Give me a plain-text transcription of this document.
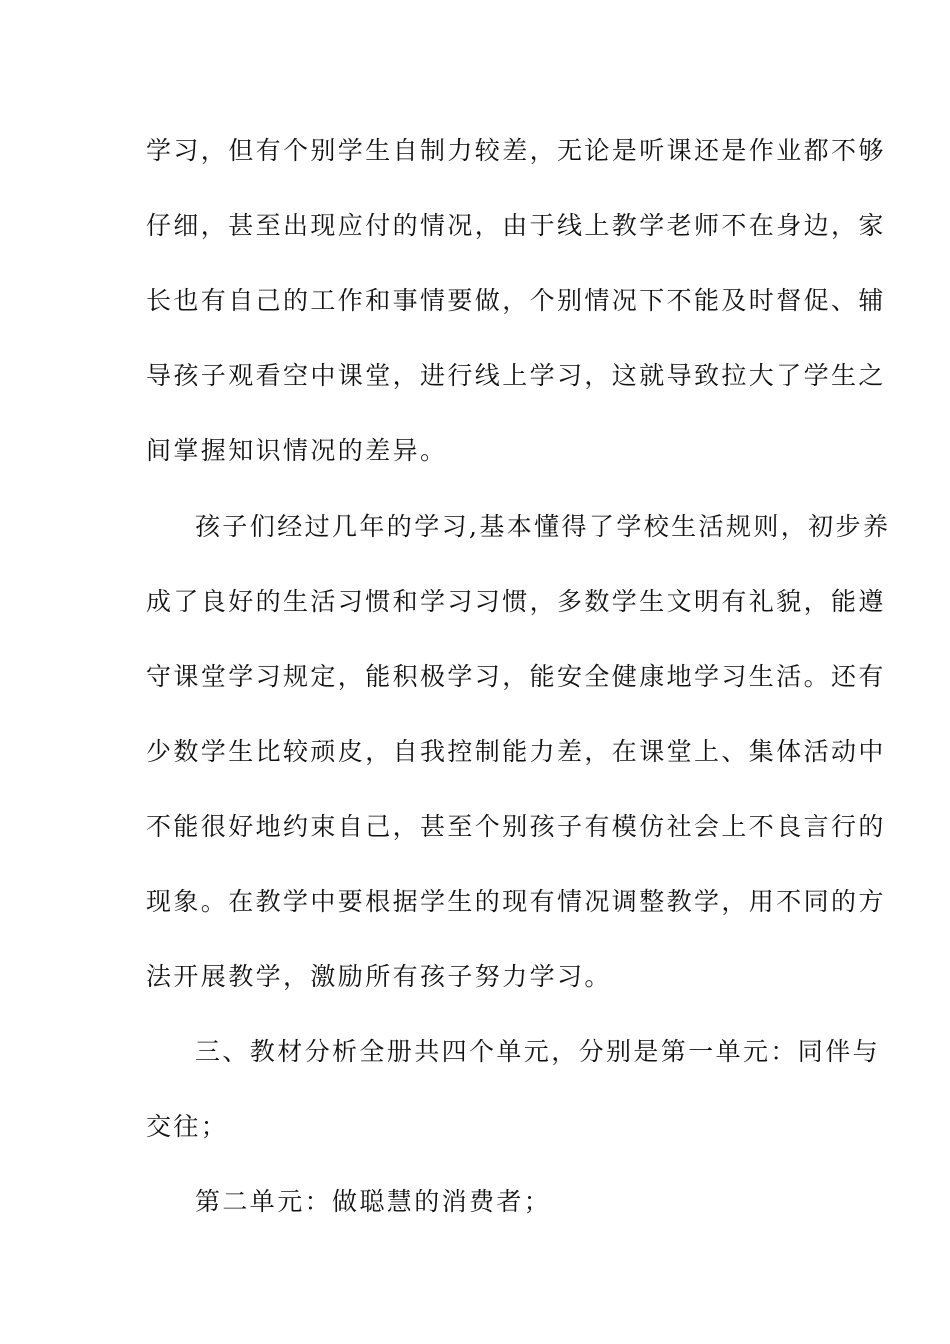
学习，但有个别学生自制力较差，无论是听课还是作业都不够
仔细，甚至出现应付的情况，由于线上教学老师不在身边，家
长也有自己的工作和事情要做，个别情况下不能及时督促、辅
导孩子观看空中课堂，进行线上学习，这就导致拉大了学生之
间掌握知识情况的差异。
孩子们经过几年的学习,基本懂得了学校生活规则，初步养
成了良好的生活习惯和学习习惯，多数学生文明有礼貌，能遵
守课堂学习规定，能积极学习，能安全健康地学习生活。还有
少数学生比较顽皮，自我控制能力差，在课堂上、集体活动中
不能很好地约束自己，甚至个别孩子有模仿社会上不良言行的
现象。在教学中要根据学生的现有情况调整教学，用不同的方
法开展教学，激励所有孩子努力学习。
三、教材分析全册共四个单元，分别是第一单元：同伴与
交往；
第二单元：做聪慧的消费者；
